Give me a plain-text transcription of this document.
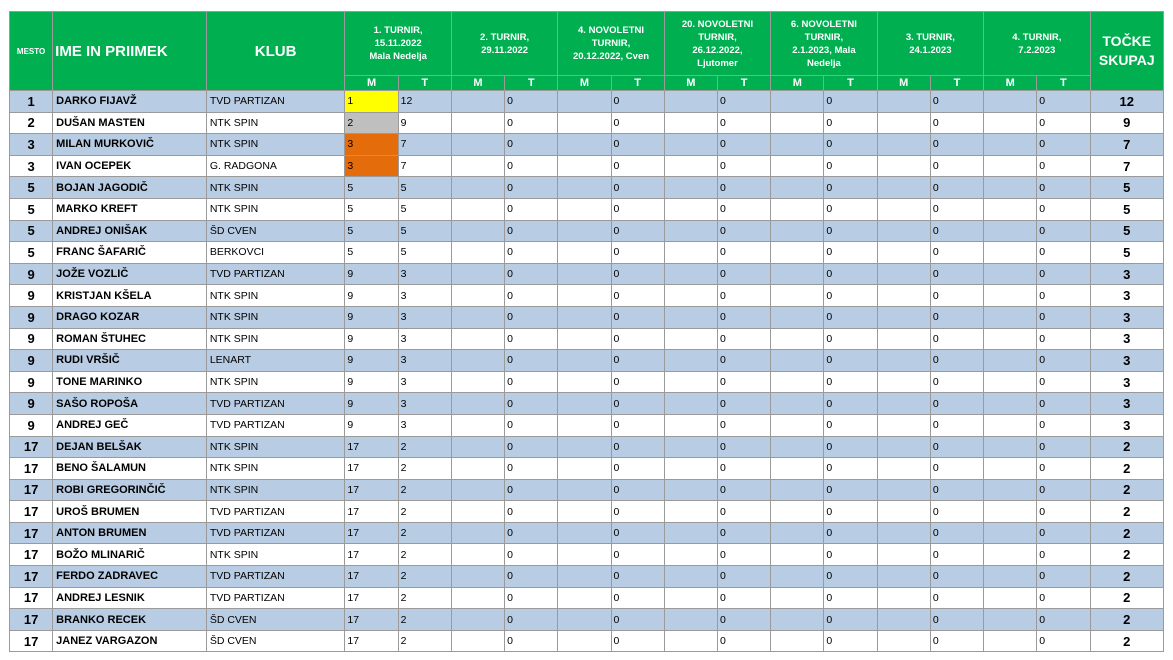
MESTO	IME IN PRIIMEK	KLUB	1. TURNIR,
15.11.2022
Mala Nedelja		2. TURNIR,
29.11.2022		4. NOVOLETNI
TURNIR,
20.12.2022, Cven		20. NOVOLETNI
TURNIR,
26.12.2022,
Ljutomer		6. NOVOLETNI
TURNIR,
2.1.2023, Mala
Nedelja		3. TURNIR,
24.1.2023		4. TURNIR,
7.2.2023		TOČKE
SKUPAJ
			M	T	M	T	M	T	M	T	M	T	M	T	M	T	
1	DARKO FIJAVŽ	TVD PARTIZAN	1	12		0		0		0		0		0		0	12
2	DUŠAN MASTEN	NTK SPIN	2	9		0		0		0		0		0		0	9
3	MILAN MURKOVIČ	NTK SPIN	3	7		0		0		0		0		0		0	7
3	IVAN OCEPEK	G. RADGONA	3	7		0		0		0		0		0		0	7
5	BOJAN JAGODIČ	NTK SPIN	5	5		0		0		0		0		0		0	5
5	MARKO KREFT	NTK SPIN	5	5		0		0		0		0		0		0	5
5	ANDREJ ONIŠAK	ŠD CVEN	5	5		0		0		0		0		0		0	5
5	FRANC ŠAFARIČ	BERKOVCI	5	5		0		0		0		0		0		0	5
9	JOŽE VOZLIČ	TVD PARTIZAN	9	3		0		0		0		0		0		0	3
9	KRISTJAN KŠELA	NTK SPIN	9	3		0		0		0		0		0		0	3
9	DRAGO KOZAR	NTK SPIN	9	3		0		0		0		0		0		0	3
9	ROMAN ŠTUHEC	NTK SPIN	9	3		0		0		0		0		0		0	3
9	RUDI VRŠIČ	LENART	9	3		0		0		0		0		0		0	3
9	TONE MARINKO	NTK SPIN	9	3		0		0		0		0		0		0	3
9	SAŠO ROPOŠA	TVD PARTIZAN	9	3		0		0		0		0		0		0	3
9	ANDREJ GEČ	TVD PARTIZAN	9	3		0		0		0		0		0		0	3
17	DEJAN BELŠAK	NTK SPIN	17	2		0		0		0		0		0		0	2
17	BENO ŠALAMUN	NTK SPIN	17	2		0		0		0		0		0		0	2
17	ROBI GREGORINČIČ	NTK SPIN	17	2		0		0		0		0		0		0	2
17	UROŠ BRUMEN	TVD PARTIZAN	17	2		0		0		0		0		0		0	2
17	ANTON BRUMEN	TVD PARTIZAN	17	2		0		0		0		0		0		0	2
17	BOŽO MLINARIČ	NTK SPIN	17	2		0		0		0		0		0		0	2
17	FERDO ZADRAVEC	TVD PARTIZAN	17	2		0		0		0		0		0		0	2
17	ANDREJ LESNIK	TVD PARTIZAN	17	2		0		0		0		0		0		0	2
17	BRANKO RECEK	ŠD CVEN	17	2		0		0		0		0		0		0	2
17	JANEZ VARGAZON	ŠD CVEN	17	2		0		0		0		0		0		0	2
